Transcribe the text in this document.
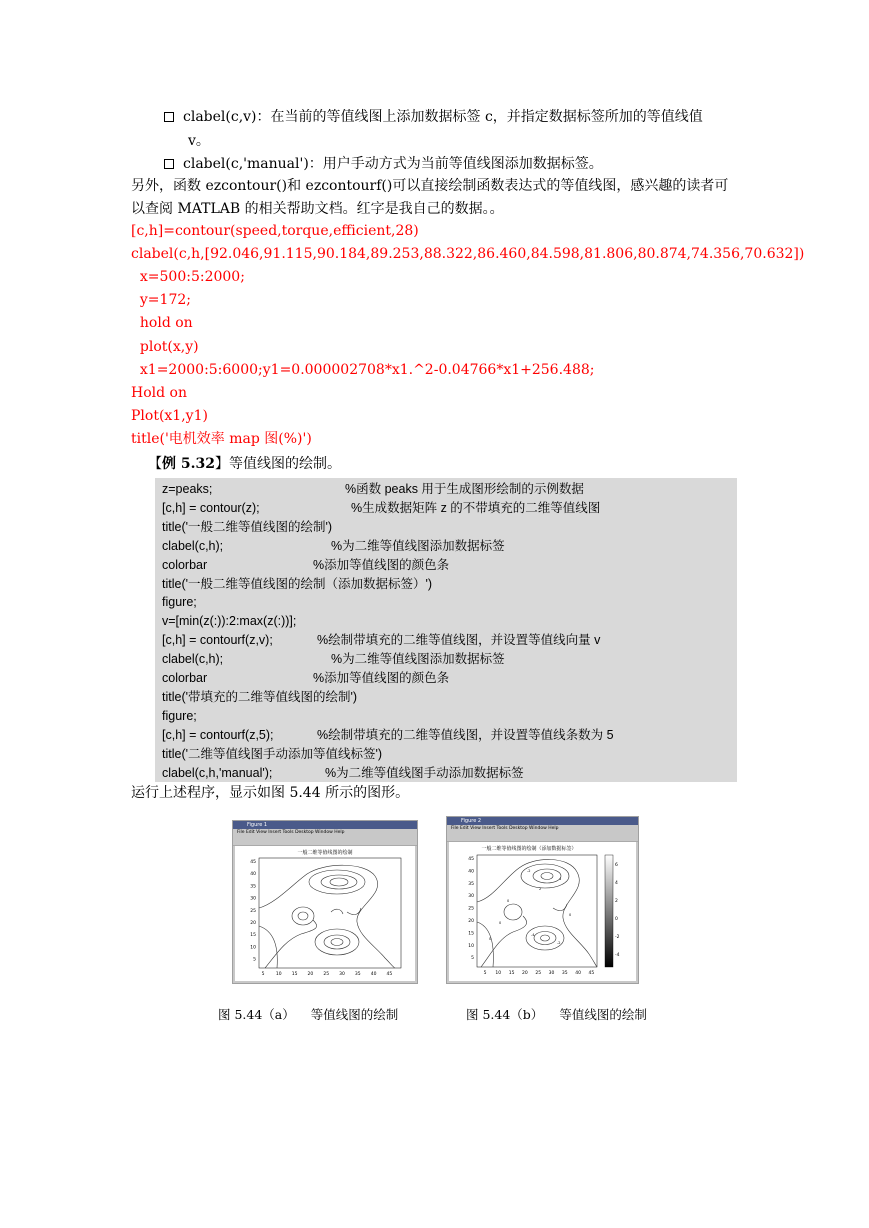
clabel(c,v)：在当前的等值线图上添加数据标签 c，并指定数据标签所加的等值线值
v。
clabel(c,'manual')：用户手动方式为当前等值线图添加数据标签。
另外，函数 ezcontour()和 ezcontourf()可以直接绘制函数表达式的等值线图，感兴趣的读者可
以查阅 MATLAB 的相关帮助文档。红字是我自己的数据。。
[c,h]=contour(speed,torque,efficient,28)
clabel(c,h,[92.046,91.115,90.184,89.253,88.322,86.460,84.598,81.806,80.874,74.356,70.632])
x=500:5:2000;
y=172;
hold on
plot(x,y)
x1=2000:5:6000;y1=0.000002708*x1.^2-0.04766*x1+256.488;
Hold on
Plot(x1,y1)
title('电机效率 map 图(%)')
【例 5.32】等值线图的绘制。
z=peaks;	%函数 peaks 用于生成图形绘制的示例数据
[c,h] = contour(z);	%生成数据矩阵 z 的不带填充的二维等值线图
title('一般二维等值线图的绘制')
clabel(c,h);	%为二维等值线图添加数据标签
colorbar	%添加等值线图的颜色条
title('一般二维等值线图的绘制（添加数据标签）')
figure;
v=[min(z(:)):2:max(z(:))];
[c,h] = contourf(z,v);	%绘制带填充的二维等值线图，并设置等值线向量 v
clabel(c,h);	%为二维等值线图添加数据标签
colorbar	%添加等值线图的颜色条
title('带填充的二维等值线图的绘制')
figure;
[c,h] = contourf(z,5);	%绘制带填充的二维等值线图，并设置等值线条数为 5
title('二维等值线图手动添加等值线标签')
clabel(c,h,'manual');	%为二维等值线图手动添加数据标签
运行上述程序，显示如图 5.44 所示的图形。
Figure 1
File Edit View Insert Tools Desktop Window Help
一般二维等值线图的绘制
45
40
35
30
25
20
15
10
5
5	10 15 20 25 30 35 40 45
Figure 2
File Edit View Insert Tools Desktop Window Help
一般二维等值线图的绘制（添加数据标签）
45
40
35
30
25
20
15
10
5
5 10 15 20 25 30 35 40 45
-2
4
2
0
-4
-2
0
0
0
6
4
2
0
-2
-4
图 5.44（a） 等值线图的绘制	图 5.44（b） 等值线图的绘制
